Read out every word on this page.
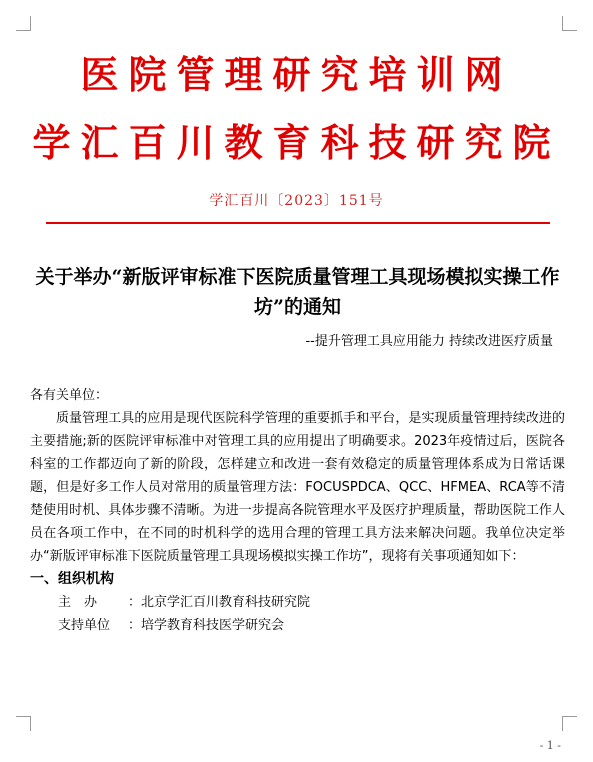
医院管理研究培训网
学汇百川教育科技研究院
学汇百川〔2023〕151号
关于举办“新版评审标准下医院质量管理工具现场模拟实操工作坊”的通知
--提升管理工具应用能力 持续改进医疗质量

各有关单位：

质量管理工具的应用是现代医院科学管理的重要抓手和平台，是实现质量管理持续改进的主要措施;新的医院评审标准中对管理工具的应用提出了明确要求。2023年疫情过后，医院各科室的工作都迈向了新的阶段，怎样建立和改进一套有效稳定的质量管理体系成为日常话课题，但是好多工作人员对常用的质量管理方法：FOCUSPDCA、QCC、HFMEA、RCA等不清楚使用时机、具体步骤不清晰。为进一步提高各院管理水平及医疗护理质量，帮助医院工作人员在各项工作中，在不同的时机科学的选用合理的管理工具方法来解决问题。我单位决定举办“新版评审标准下医院质量管理工具现场模拟实操工作坊”，现将有关事项通知如下：

一、组织机构

主办 ：北京学汇百川教育科技研究院

支持单位 ：培学教育科技医学研究会

- 1 -
